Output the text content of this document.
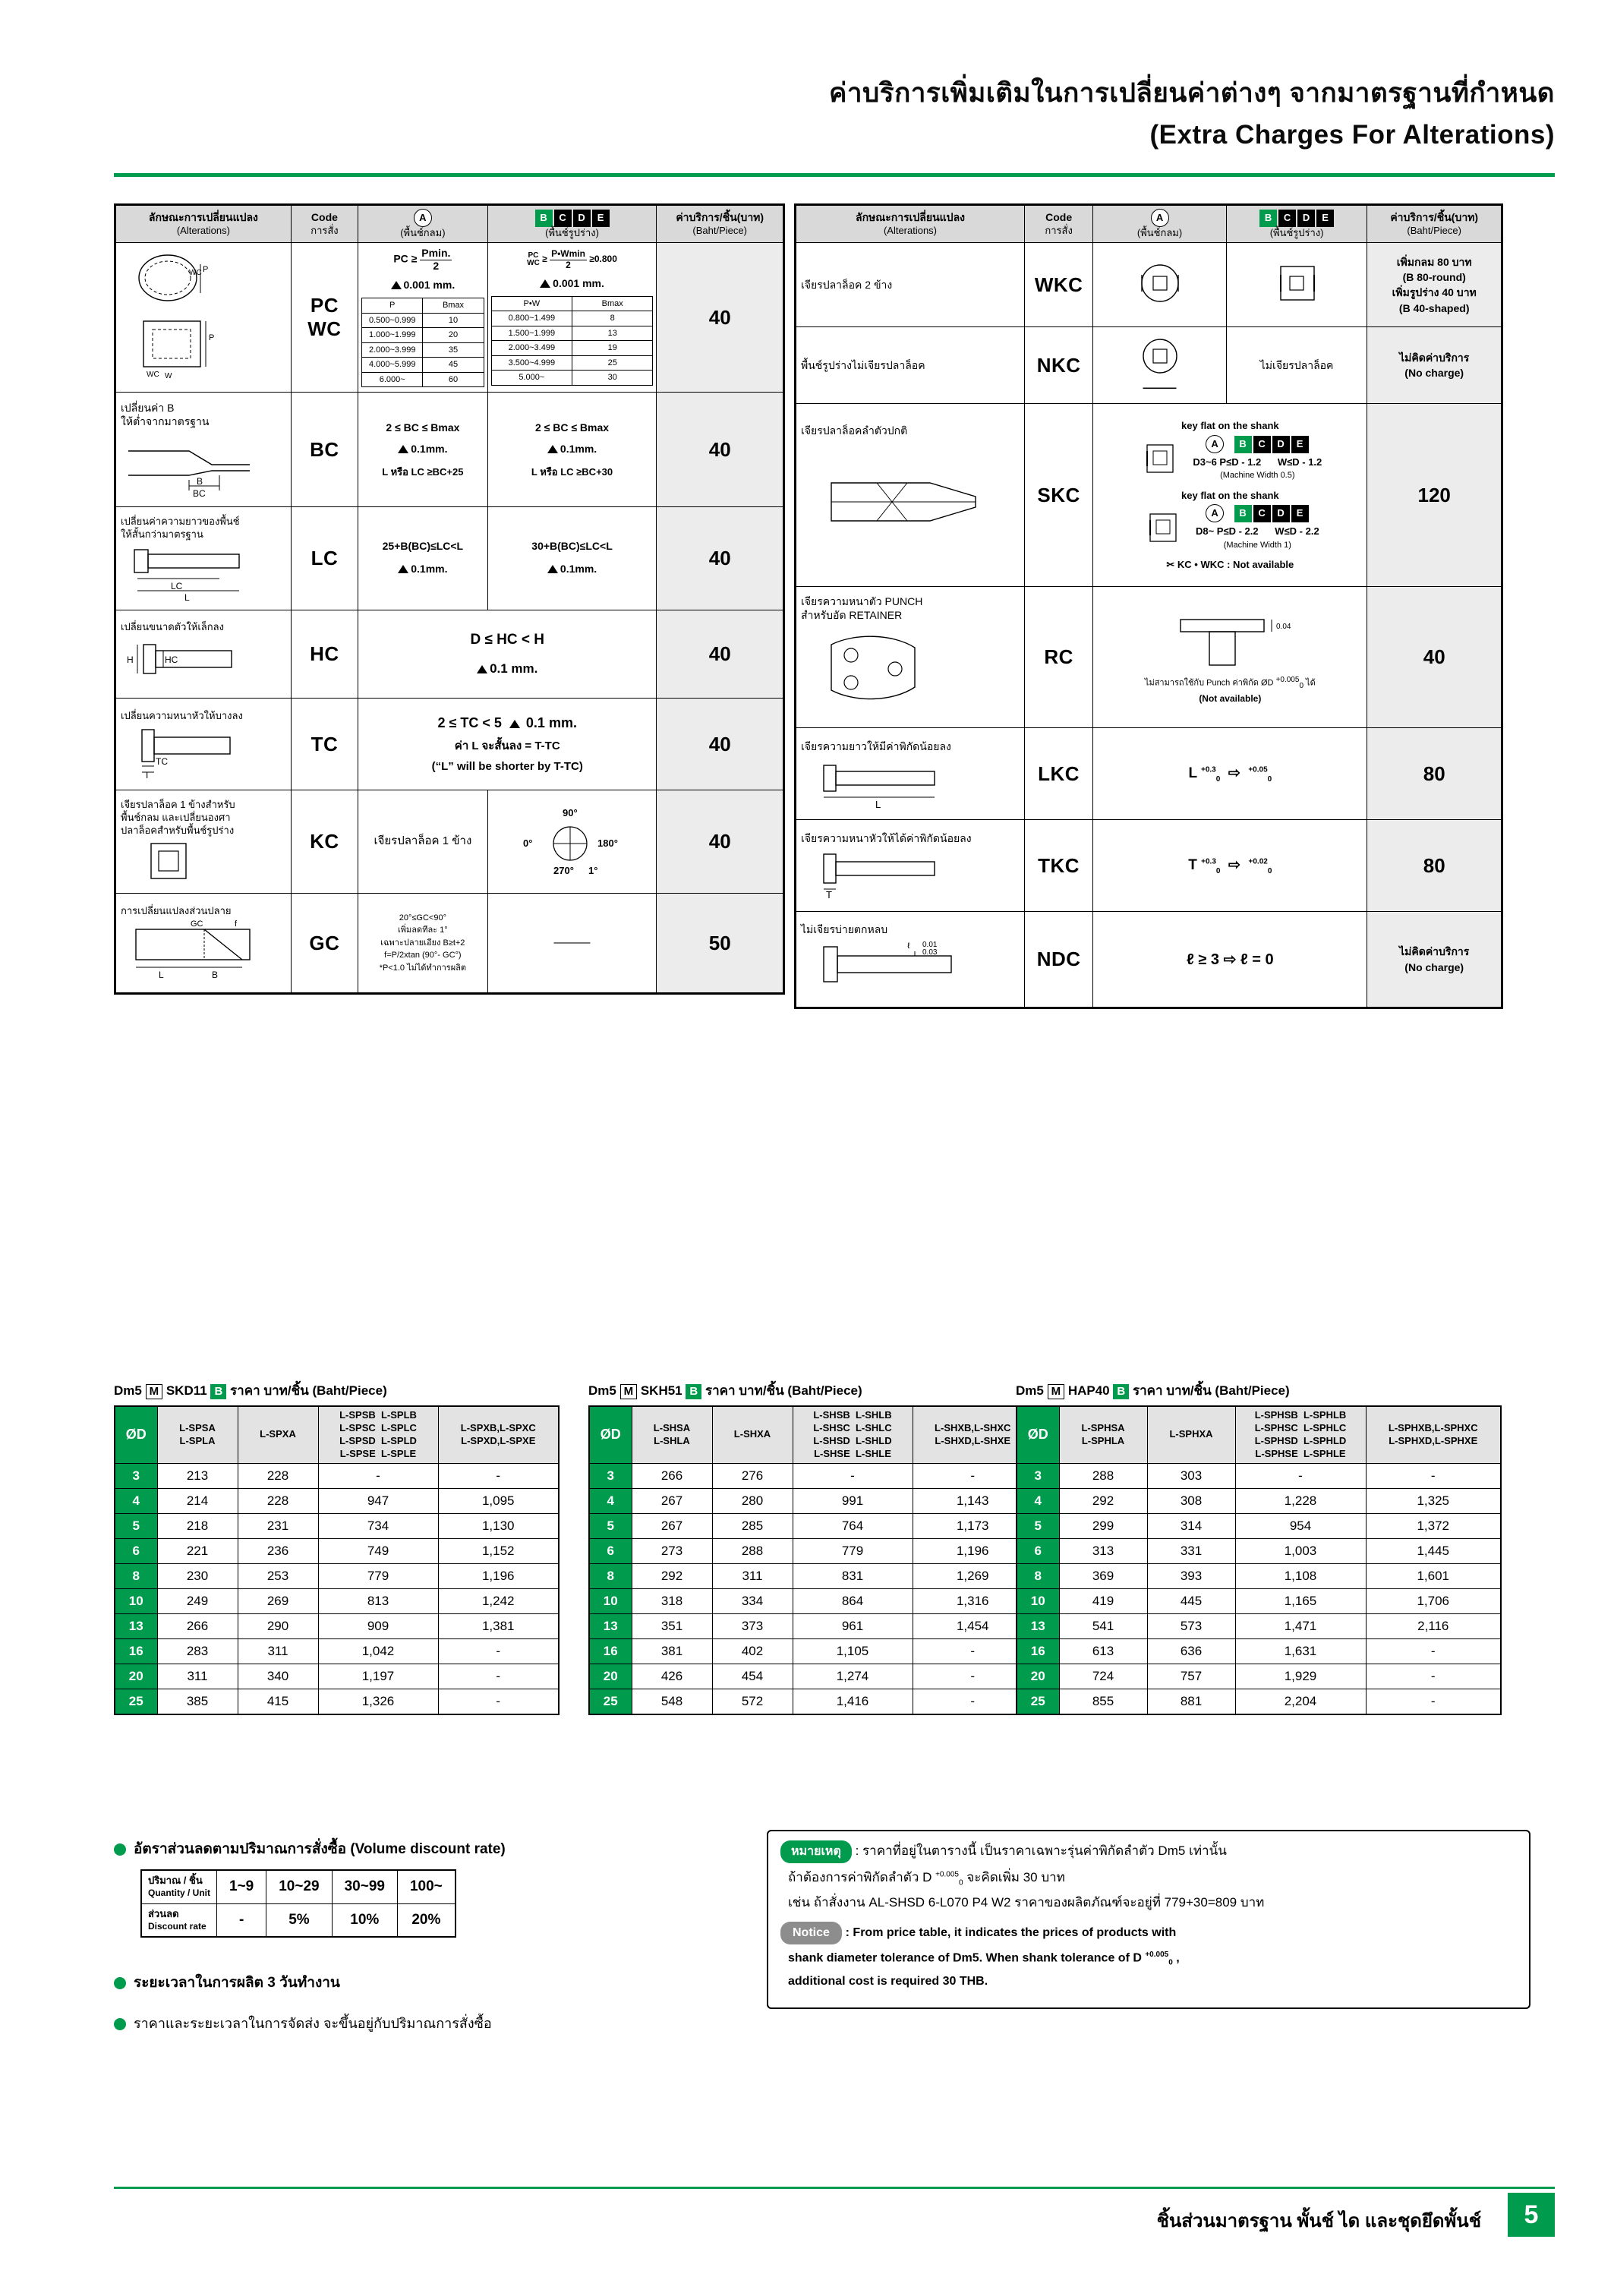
ค่าบริการเพิ่มเติมในการเปลี่ยนค่าต่างๆ จากมาตรฐานที่กำหนด
(Extra Charges For Alterations)
ลักษณะการเปลี่ยนแปลง
(Alterations)

Code
การสั่ง

A
(พื้นช์กลม)

B C D E
(พื้นช์รูปร่าง)

ค่าบริการ/ชิ้น(บาท)
(Baht/Piece)

P
WC
P
WC W
	PC
WC	
PC ≥ Pmin.
2
0.001 mm.
P	Bmax
0.500~0.999	10
1.000~1.999	20
2.000~3.999	35
4.000~5.999	45
6.000~	60

PC
WC ≥ P•Wmin
2 ≥0.800
0.001 mm.
P•W	Bmax
0.800~1.499	8
1.500~1.999	13
2.000~3.499	19
3.500~4.999	25
5.000~	30
	40

เปลี่ยนค่า B
ให้ต่ำจากมาตรฐาน
B
BC
	BC	
2 ≤ BC ≤ Bmax
0.1mm.
L หรือ LC ≥BC+25

2 ≤ BC ≤ Bmax
0.1mm.
L หรือ LC ≥BC+30
	40

เปลี่ยนค่าความยาวของพื้นช์
ให้สั้นกว่ามาตรฐาน
LC
L
	LC	
25+B(BC)≤LC<L
0.1mm.

30+B(BC)≤LC<L
0.1mm.	40

เปลี่ยนขนาดตัวให้เล็กลง
H	HC	HC	
D ≤ HC < H
0.1 mm.
	40

เปลี่ยนความหนาหัวให้บางลง
TC
T
	TC	
2 ≤ TC < 5   0.1 mm.
ค่า L จะสั้นลง = T-TC
(“L” will be shorter by T-TC)
	40

เจียรปลาล็อค 1 ข้างสำหรับ
พื้นช์กลม และเปลี่ยนองศา
ปลาล็อคสำหรับพื้นช์รูปร่าง	KC	เจียรปลาล็อค 1 ข้าง	
90°
0°	180°
270° 1°
	40

การเปลี่ยนแปลงส่วนปลาย
GC	f
L	B
	GC	20°≤GC<90°
เพิ่มลดทีละ 1°
เฉพาะปลายเอียง B≥t+2
f=P/2xtan (90°- GC°)
*P<1.0 ไม่ได้ทำการผลิต	———	50
ลักษณะการเปลี่ยนแปลง
(Alterations)

Code
การสั่ง

A
(พื้นช์กลม)

B C D E
(พื้นช์รูปร่าง)

ค่าบริการ/ชิ้น(บาท)
(Baht/Piece)

เจียรปลาล็อค 2 ข้าง	WKC			เพิ่มกลม 80 บาท
(B 80-round)
เพิ่มรูปร่าง 40 บาท
(B 40-shaped)

พื้นช์รูปร่างไม่เจียรปลาล็อค	NKC	——	ไม่เจียรปลาล็อค	ไม่คิดค่าบริการ
(No charge)

เจียรปลาล็อคลำตัวปกติ
	SKC	
key flat on the shank
A B C D E
D3~6 P≤D - 1.2 W≤D - 1.2
(Machine Width 0.5)
key flat on the shank
A B C D E
D8~ P≤D - 2.2 W≤D - 2.2
(Machine Width 1)
✂ KC • WKC : Not available
	120

เจียรความหนาตัว PUNCH
สำหรับอัด RETAINER
	RC	
0.04
ไม่สามารถใช้กับ Punch ค่าพิกัด ØD +0.0050 ได้
(Not available)
	40

เจียรความยาวให้มีค่าพิกัดน้อยลง
L	LKC	L $^{+0.3}_0$  ⇨  $^{+0.05}_0$		80

เจียรความหนาหัวให้ได้ค่าพิกัดน้อยลง
T	TKC	T $^{+0.3}_0$  ⇨  $^{+0.02}_0$		80

ไม่เจียรบ่ายตกหลบ
ℓ 0.01
0.03	NDC	ℓ ≥ 3 ⇨ ℓ = 0		ไม่คิดค่าบริการ
(No charge)
Dm5 M SKD11 B ราคา บาท/ชิ้น (Baht/Piece)
ØD	L-SPSA
L-SPLA	L-SPXA	L-SPSB  L-SPLB
L-SPSC  L-SPLC
L-SPSD  L-SPLD
L-SPSE  L-SPLE	L-SPXB,L-SPXC
L-SPXD,L-SPXE
3	213	228	-	-
4	214	228	947	1,095
5	218	231	734	1,130
6	221	236	749	1,152
8	230	253	779	1,196
10	249	269	813	1,242
13	266	290	909	1,381
16	283	311	1,042	-
20	311	340	1,197	-
25	385	415	1,326	-
Dm5 M SKH51 B ราคา บาท/ชิ้น (Baht/Piece)
ØD	L-SHSA
L-SHLA	L-SHXA	L-SHSB  L-SHLB
L-SHSC  L-SHLC
L-SHSD  L-SHLD
L-SHSE  L-SHLE	L-SHXB,L-SHXC
L-SHXD,L-SHXE
3	266	276	-	-
4	267	280	991	1,143
5	267	285	764	1,173
6	273	288	779	1,196
8	292	311	831	1,269
10	318	334	864	1,316
13	351	373	961	1,454
16	381	402	1,105	-
20	426	454	1,274	-
25	548	572	1,416	-
Dm5 M HAP40 B ราคา บาท/ชิ้น (Baht/Piece)
ØD	L-SPHSA
L-SPHLA	L-SPHXA	L-SPHSB  L-SPHLB
L-SPHSC  L-SPHLC
L-SPHSD  L-SPHLD
L-SPHSE  L-SPHLE	L-SPHXB,L-SPHXC
L-SPHXD,L-SPHXE
3	288	303	-	-
4	292	308	1,228	1,325
5	299	314	954	1,372
6	313	331	1,003	1,445
8	369	393	1,108	1,601
10	419	445	1,165	1,706
13	541	573	1,471	2,116
16	613	636	1,631	-
20	724	757	1,929	-
25	855	881	2,204	-
อัตราส่วนลดตามปริมาณการสั่งซื้อ (Volume discount rate)
ปริมาณ / ชิ้น
Quantity / Unit	1~9	10~29	30~99	100~
ส่วนลด
Discount rate	-	5%	10%	20%
ระยะเวลาในการผลิต 3 วันทำงาน
ราคาและระยะเวลาในการจัดส่ง จะขึ้นอยู่กับปริมาณการสั่งซื้อ

หมายเหตุ : ราคาที่อยู่ในตารางนี้ เป็นราคาเฉพาะรุ่นค่าพิกัดลำตัว Dm5 เท่านั้น

ถ้าต้องการค่าพิกัดลำตัว D $^{+0.005}_0$ จะคิดเพิ่ม 30 บาท

เช่น ถ้าสั่งงาน AL-SHSD 6-L070 P4 W2 ราคาของผลิตภัณฑ์จะอยู่ที่ 779+30=809 บาท

Notice : From price table, it indicates the prices of products with

shank diameter tolerance of Dm5. When shank tolerance of D $^{+0.005}_0$ ,

additional cost is required 30 THB.

ชิ้นส่วนมาตรฐาน พั้นช์ ได และชุดยึดพั้นช์	5
